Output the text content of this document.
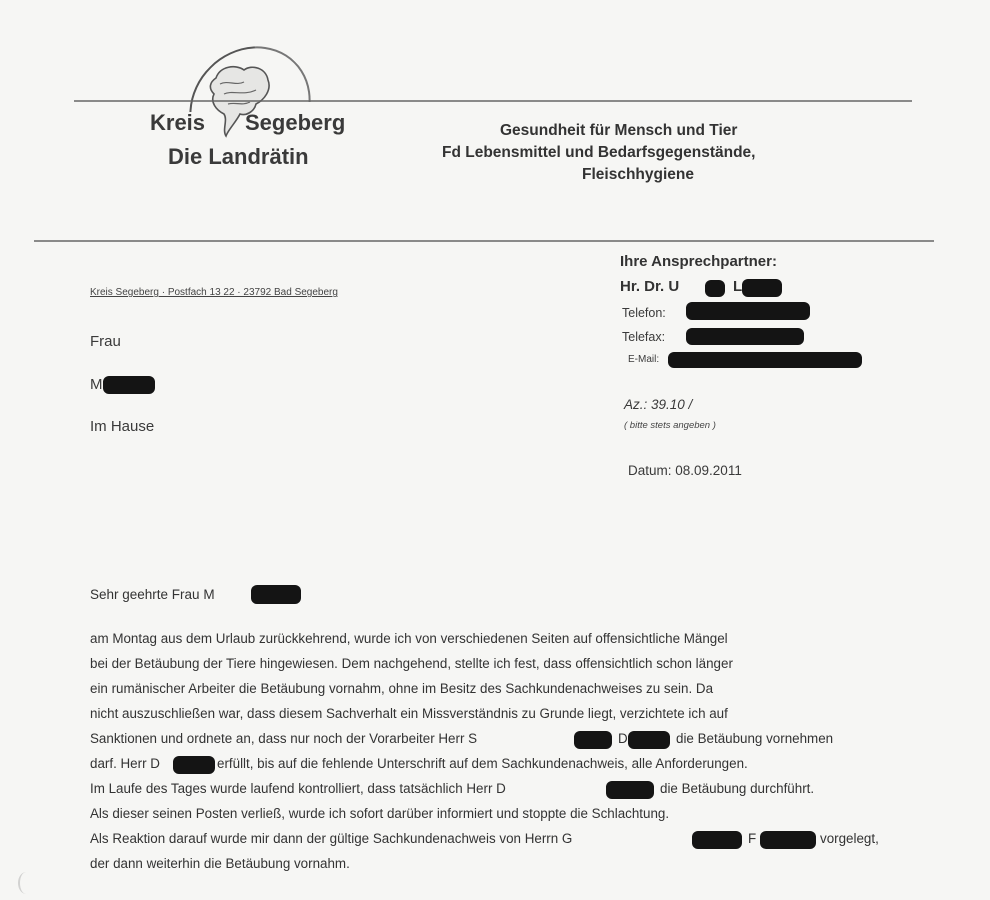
Kreis Segeberg
Die Landrätin
Gesundheit für Mensch und Tier
Fd Lebensmittel und Bedarfsgegenstände,
Fleischhygiene
Kreis Segeberg · Postfach 13 22 · 23792 Bad Segeberg
Frau
M
Im Hause
Ihre Ansprechpartner:
Hr. Dr. U	L
Telefon:
Telefax:
E-Mail:
Az.: 39.10 /
( bitte stets angeben )
Datum: 08.09.2011
Sehr geehrte Frau M
am Montag aus dem Urlaub zurückkehrend, wurde ich von verschiedenen Seiten auf offensichtliche Mängel
bei der Betäubung der Tiere hingewiesen. Dem nachgehend, stellte ich fest, dass offensichtlich schon länger
ein rumänischer Arbeiter die Betäubung vornahm, ohne im Besitz des Sachkundenachweises zu sein. Da
nicht auszuschließen war, dass diesem Sachverhalt ein Missverständnis zu Grunde liegt, verzichtete ich auf
Sanktionen und ordnete an, dass nur noch der Vorarbeiter Herr S	D	die Betäubung vornehmen
darf. Herr D	erfüllt, bis auf die fehlende Unterschrift auf dem Sachkundenachweis, alle Anforderungen.
Im Laufe des Tages wurde laufend kontrolliert, dass tatsächlich Herr D	die Betäubung durchführt.
Als dieser seinen Posten verließ, wurde ich sofort darüber informiert und stoppte die Schlachtung.
Als Reaktion darauf wurde mir dann der gültige Sachkundenachweis von Herrn G	F	vorgelegt,
der dann weiterhin die Betäubung vornahm.
